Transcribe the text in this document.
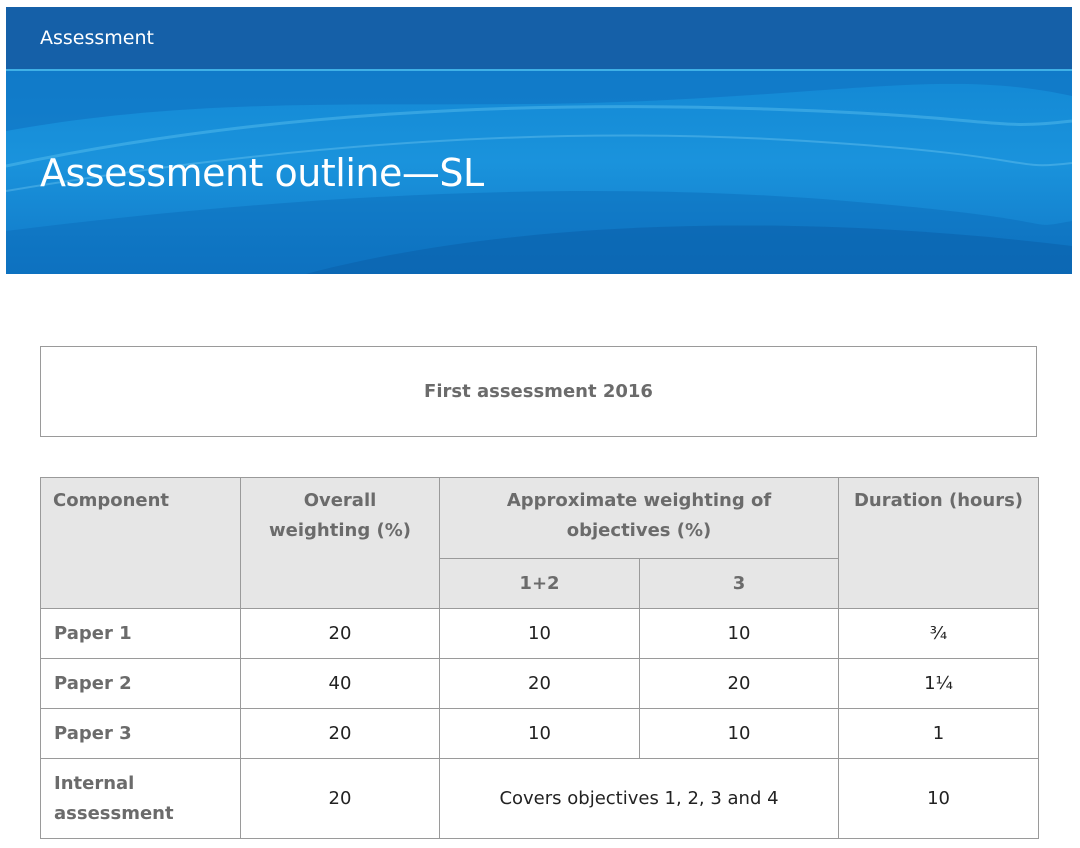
Assessment
Assessment outline—SL
First assessment 2016
Component	Overall weighting (%)	Approximate weighting of objectives (%)		Duration (hours)
		1+2	3	
Paper 1	20	10	10	¾
Paper 2	40	20	20	1¼
Paper 3	20	10	10	1
Internal assessment	20	Covers objectives 1, 2, 3 and 4		10
